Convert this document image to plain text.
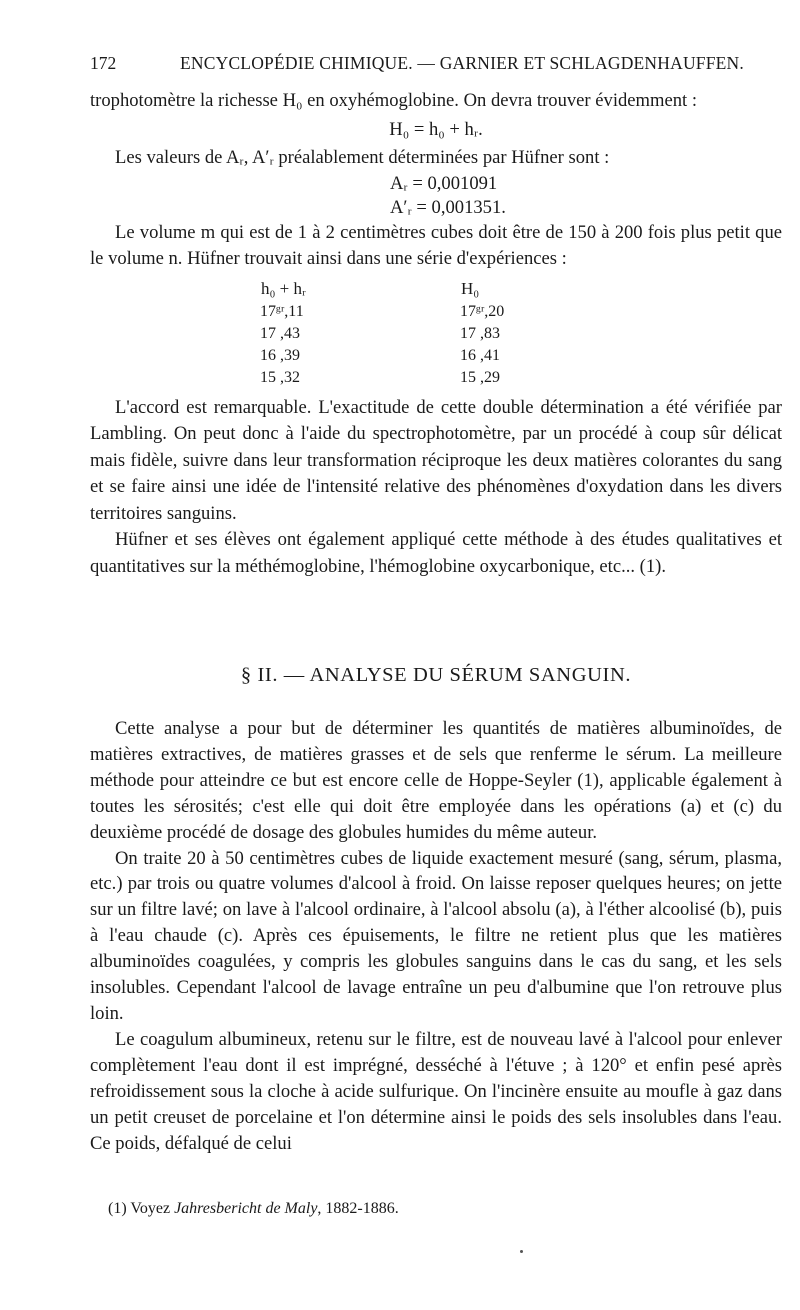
172	ENCYCLOPÉDIE CHIMIQUE. — GARNIER ET SCHLAGDENHAUFFEN.

trophotomètre la richesse H₀ en oxyhémoglobine. On devra trouver évidemment :

H₀ = h₀ + hᵣ.

Les valeurs de Aᵣ, A′ᵣ préalablement déterminées par Hüfner sont :

Aᵣ = 0,001091
A′ᵣ = 0,001351.

Le volume m qui est de 1 à 2 centimètres cubes doit être de 150 à 200 fois plus petit que le volume n. Hüfner trouvait ainsi dans une série d'expériences :

h₀ + hᵣ	H₀
17ᵍʳ,11	17ᵍʳ,20
17 ,43	17 ,83
16 ,39	16 ,41
15 ,32	15 ,29

L'accord est remarquable. L'exactitude de cette double détermination a été vérifiée par Lambling. On peut donc à l'aide du spectrophotomètre, par un procédé à coup sûr délicat mais fidèle, suivre dans leur transformation réciproque les deux matières colorantes du sang et se faire ainsi une idée de l'intensité relative des phénomènes d'oxydation dans les divers territoires sanguins.

Hüfner et ses élèves ont également appliqué cette méthode à des études qualitatives et quantitatives sur la méthémoglobine, l'hémoglobine oxycarbonique, etc... (1).

§ II. — ANALYSE DU SÉRUM SANGUIN.

Cette analyse a pour but de déterminer les quantités de matières albuminoïdes, de matières extractives, de matières grasses et de sels que renferme le sérum. La meilleure méthode pour atteindre ce but est encore celle de Hoppe-Seyler (1), applicable également à toutes les sérosités; c'est elle qui doit être employée dans les opérations (a) et (c) du deuxième procédé de dosage des globules humides du même auteur.

On traite 20 à 50 centimètres cubes de liquide exactement mesuré (sang, sérum, plasma, etc.) par trois ou quatre volumes d'alcool à froid. On laisse reposer quelques heures; on jette sur un filtre lavé; on lave à l'alcool ordinaire, à l'alcool absolu (a), à l'éther alcoolisé (b), puis à l'eau chaude (c). Après ces épuisements, le filtre ne retient plus que les matières albuminoïdes coagulées, y compris les globules sanguins dans le cas du sang, et les sels insolubles. Cependant l'alcool de lavage entraîne un peu d'albumine que l'on retrouve plus loin.

Le coagulum albumineux, retenu sur le filtre, est de nouveau lavé à l'alcool pour enlever complètement l'eau dont il est imprégné, desséché à l'étuve ; à 120° et enfin pesé après refroidissement sous la cloche à acide sulfurique. On l'incinère ensuite au moufle à gaz dans un petit creuset de porcelaine et l'on détermine ainsi le poids des sels insolubles dans l'eau. Ce poids, défalqué de celui

(1) Voyez Jahresbericht de Maly, 1882-1886.
